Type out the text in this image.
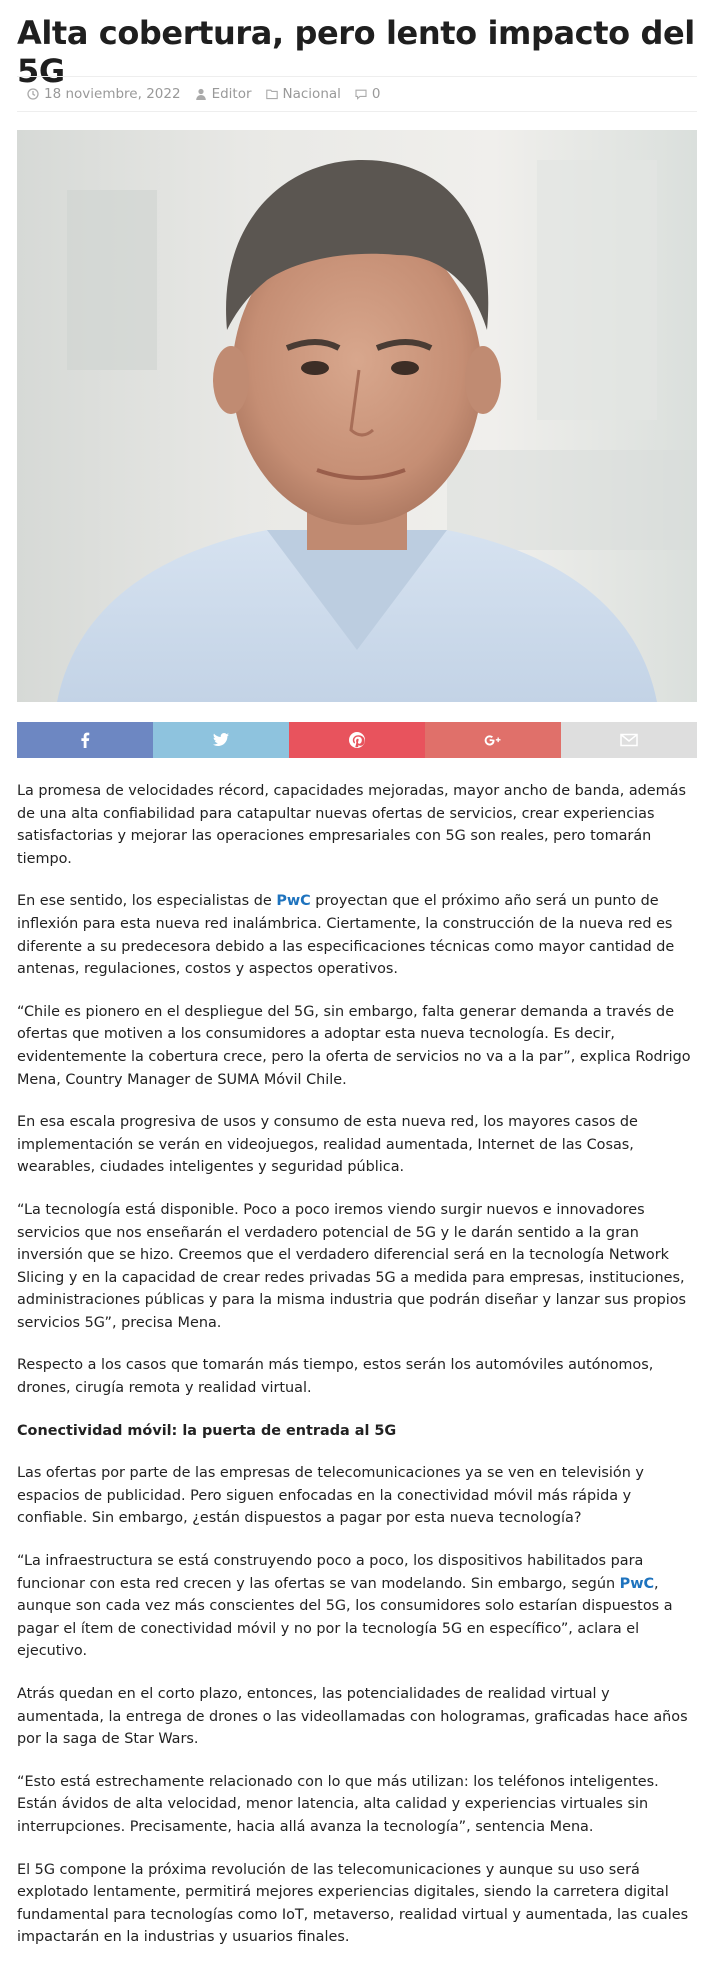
Alta cobertura, pero lento impacto del 5G
18 noviembre, 2022 Editor Nacional 0

La promesa de velocidades récord, capacidades mejoradas, mayor ancho de banda, además de una alta confiabilidad para catapultar nuevas ofertas de servicios, crear experiencias satisfactorias y mejorar las operaciones empresariales con 5G son reales, pero tomarán tiempo.

En ese sentido, los especialistas de PwC proyectan que el próximo año será un punto de inflexión para esta nueva red inalámbrica. Ciertamente, la construcción de la nueva red es diferente a su predecesora debido a las especificaciones técnicas como mayor cantidad de antenas, regulaciones, costos y aspectos operativos.

“Chile es pionero en el despliegue del 5G, sin embargo, falta generar demanda a través de ofertas que motiven a los consumidores a adoptar esta nueva tecnología. Es decir, evidentemente la cobertura crece, pero la oferta de servicios no va a la par”, explica Rodrigo Mena, Country Manager de SUMA Móvil Chile.

En esa escala progresiva de usos y consumo de esta nueva red, los mayores casos de implementación se verán en videojuegos, realidad aumentada, Internet de las Cosas, wearables, ciudades inteligentes y seguridad pública.

“La tecnología está disponible. Poco a poco iremos viendo surgir nuevos e innovadores servicios que nos enseñarán el verdadero potencial de 5G y le darán sentido a la gran inversión que se hizo. Creemos que el verdadero diferencial será en la tecnología Network Slicing y en la capacidad de crear redes privadas 5G a medida para empresas, instituciones, administraciones públicas y para la misma industria que podrán diseñar y lanzar sus propios servicios 5G”, precisa Mena.

Respecto a los casos que tomarán más tiempo, estos serán los automóviles autónomos, drones, cirugía remota y realidad virtual.

Conectividad móvil: la puerta de entrada al 5G

Las ofertas por parte de las empresas de telecomunicaciones ya se ven en televisión y espacios de publicidad. Pero siguen enfocadas en la conectividad móvil más rápida y confiable. Sin embargo, ¿están dispuestos a pagar por esta nueva tecnología?

“La infraestructura se está construyendo poco a poco, los dispositivos habilitados para funcionar con esta red crecen y las ofertas se van modelando. Sin embargo, según PwC, aunque son cada vez más conscientes del 5G, los consumidores solo estarían dispuestos a pagar el ítem de conectividad móvil y no por la tecnología 5G en específico”, aclara el ejecutivo.

Atrás quedan en el corto plazo, entonces, las potencialidades de realidad virtual y aumentada, la entrega de drones o las videollamadas con hologramas, graficadas hace años por la saga de Star Wars.

“Esto está estrechamente relacionado con lo que más utilizan: los teléfonos inteligentes. Están ávidos de alta velocidad, menor latencia, alta calidad y experiencias virtuales sin interrupciones. Precisamente, hacia allá avanza la tecnología”, sentencia Mena.

El 5G compone la próxima revolución de las telecomunicaciones y aunque su uso será explotado lentamente, permitirá mejores experiencias digitales, siendo la carretera digital fundamental para tecnologías como IoT, metaverso, realidad virtual y aumentada, las cuales impactarán en la industrias y usuarios finales.
